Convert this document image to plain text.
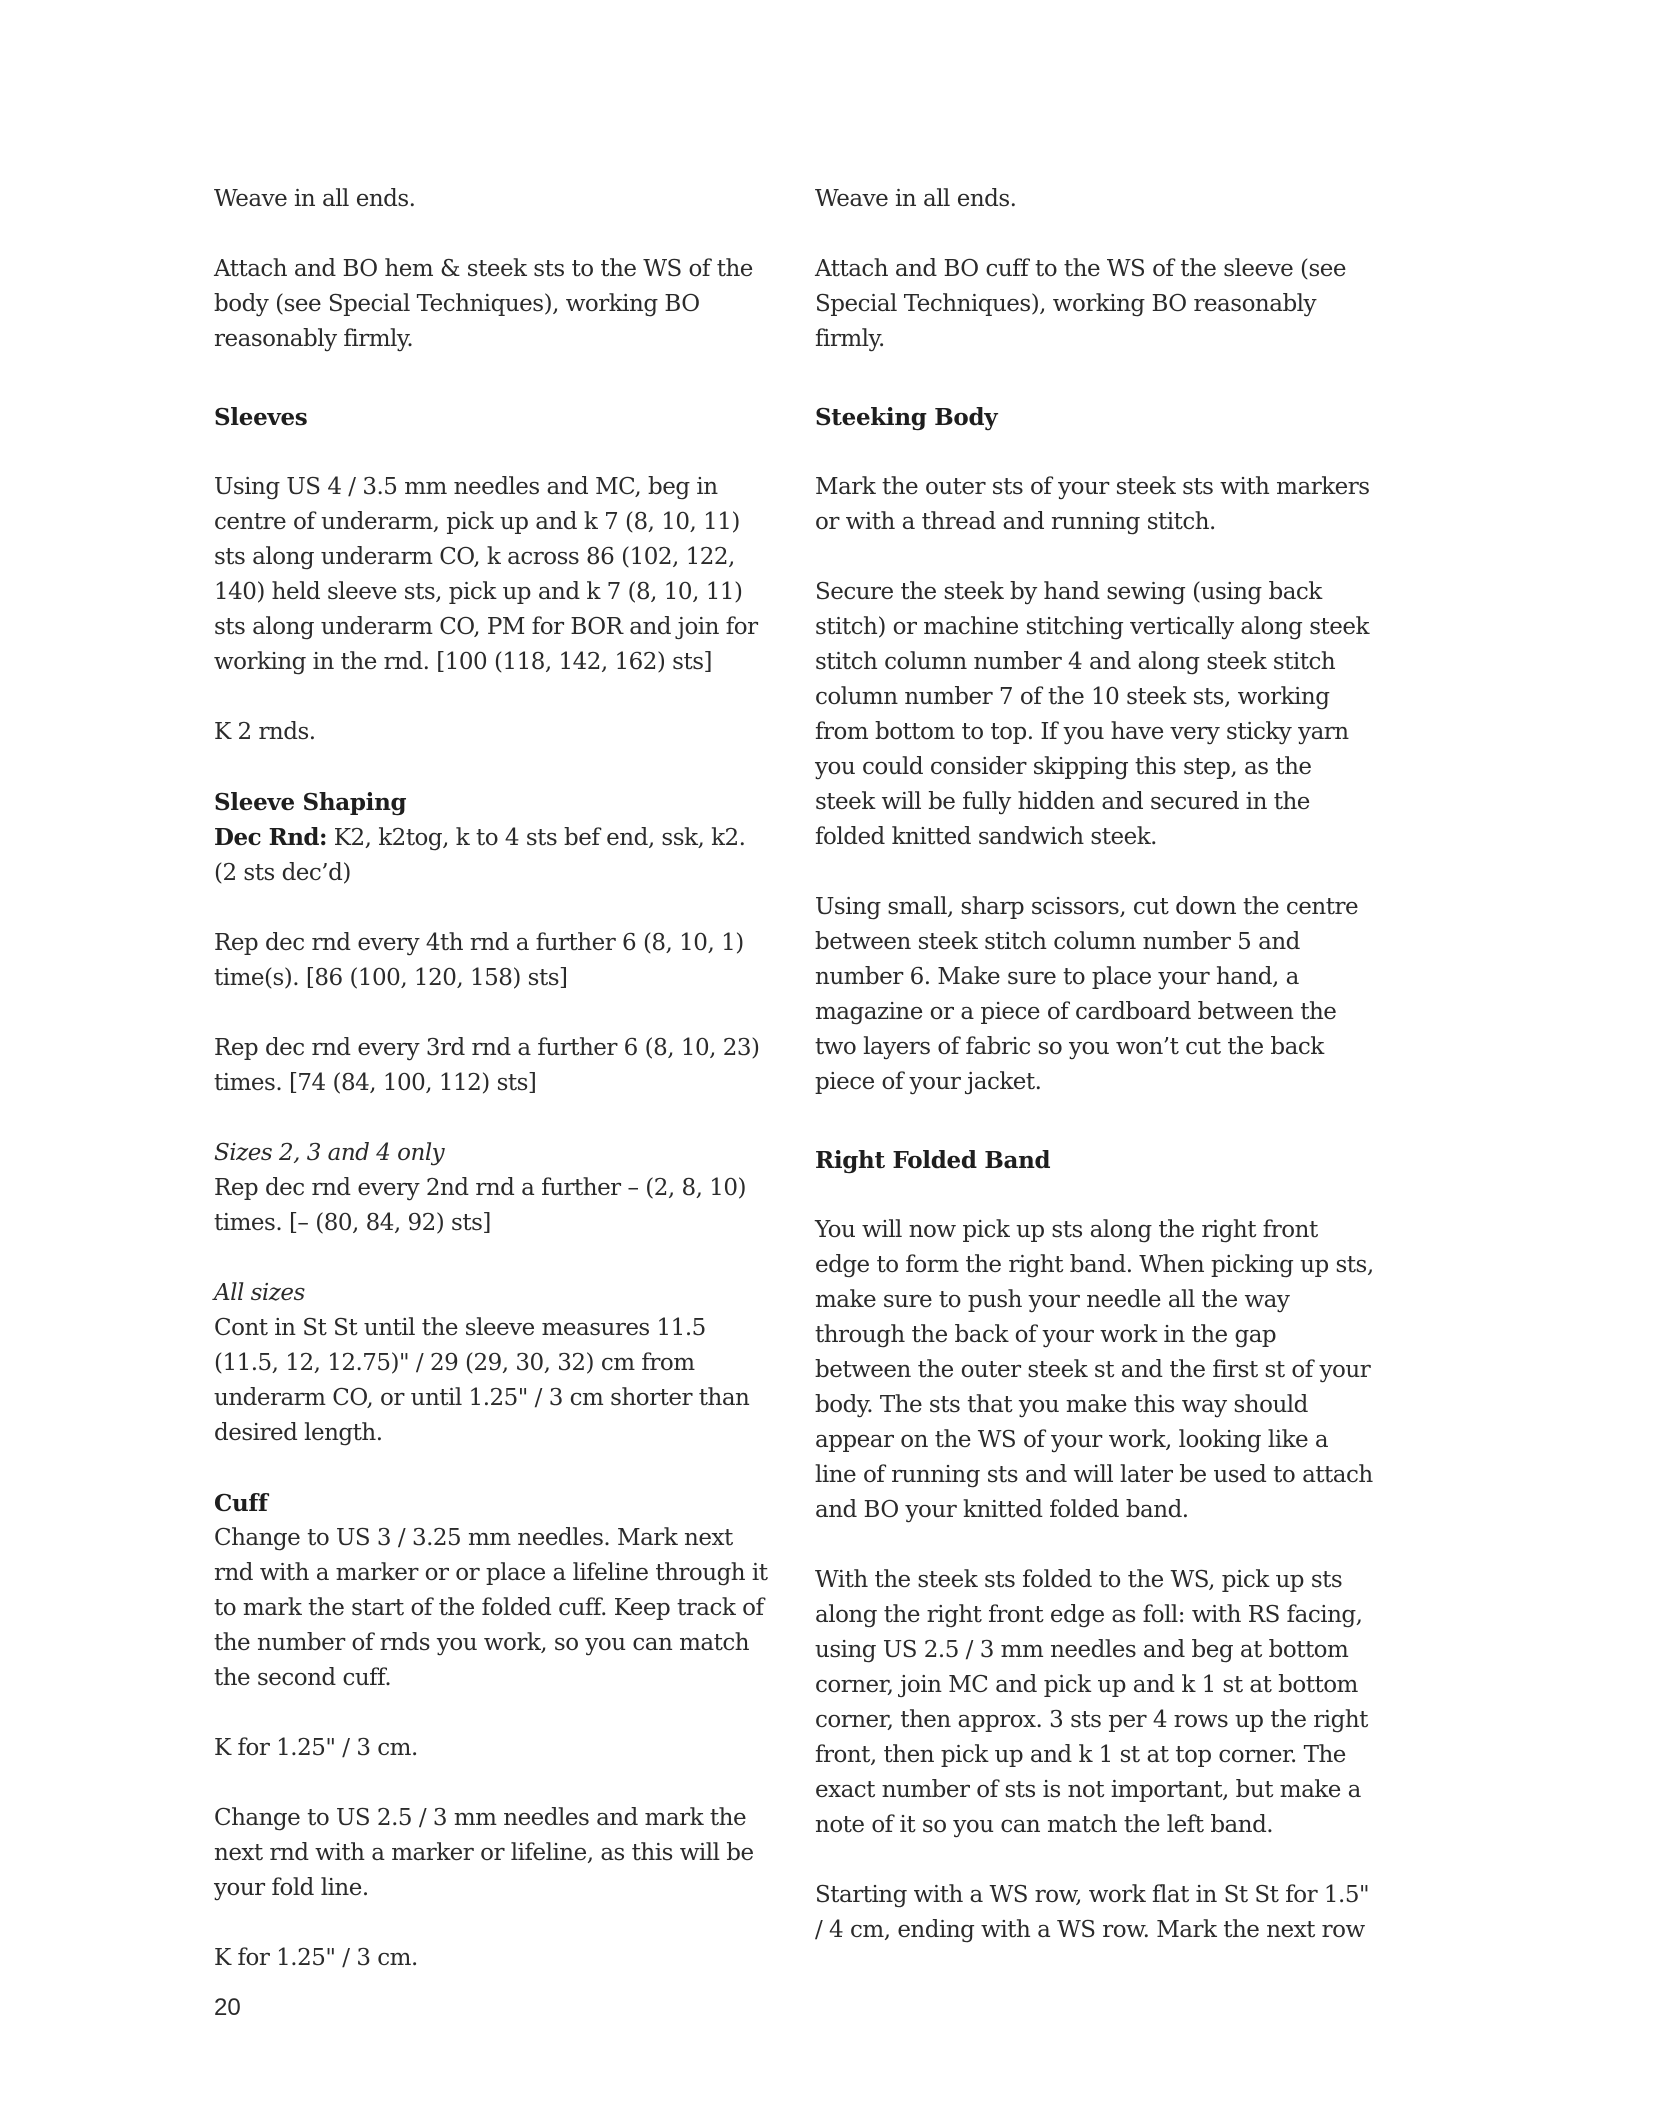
Weave in all ends.

Attach and BO hem & steek sts to the WS of the body (see Special Techniques), working BO reasonably firmly.

Sleeves

Using US 4 / 3.5 mm needles and MC, beg in centre of underarm, pick up and k 7 (8, 10, 11) sts along underarm CO, k across 86 (102, 122, 140) held sleeve sts, pick up and k 7 (8, 10, 11) sts along underarm CO, PM for BOR and join for working in the rnd. [100 (118, 142, 162) sts]

K 2 rnds.

Sleeve Shaping

Dec Rnd: K2, k2tog, k to 4 sts bef end, ssk, k2. (2 sts dec’d)

Rep dec rnd every 4th rnd a further 6 (8, 10, 1) time(s). [86 (100, 120, 158) sts]

Rep dec rnd every 3rd rnd a further 6 (8, 10, 23) times. [74 (84, 100, 112) sts]

Sizes 2, 3 and 4 only

Rep dec rnd every 2nd rnd a further – (2, 8, 10) times. [– (80, 84, 92) sts]

All sizes

Cont in St St until the sleeve measures 11.5 (11.5, 12, 12.75)" / 29 (29, 30, 32) cm from underarm CO, or until 1.25" / 3 cm shorter than desired length.

Cuff

Change to US 3 / 3.25 mm needles. Mark next rnd with a marker or or place a lifeline through it to mark the start of the folded cuff. Keep track of the number of rnds you work, so you can match the second cuff.

K for 1.25" / 3 cm.

Change to US 2.5 / 3 mm needles and mark the next rnd with a marker or lifeline, as this will be your fold line.

K for 1.25" / 3 cm.

Weave in all ends.

Attach and BO cuff to the WS of the sleeve (see Special Techniques), working BO reasonably firmly.

Steeking Body

Mark the outer sts of your steek sts with markers or with a thread and running stitch.

Secure the steek by hand sewing (using back stitch) or machine stitching vertically along steek stitch column number 4 and along steek stitch column number 7 of the 10 steek sts, working from bottom to top. If you have very sticky yarn you could consider skipping this step, as the steek will be fully hidden and secured in the folded knitted sandwich steek.

Using small, sharp scissors, cut down the centre between steek stitch column number 5 and number 6. Make sure to place your hand, a magazine or a piece of cardboard between the two layers of fabric so you won’t cut the back piece of your jacket.

Right Folded Band

You will now pick up sts along the right front edge to form the right band. When picking up sts, make sure to push your needle all the way through the back of your work in the gap between the outer steek st and the first st of your body. The sts that you make this way should appear on the WS of your work, looking like a line of running sts and will later be used to attach and BO your knitted folded band.

With the steek sts folded to the WS, pick up sts along the right front edge as foll: with RS facing, using US 2.5 / 3 mm needles and beg at bottom corner, join MC and pick up and k 1 st at bottom corner, then approx. 3 sts per 4 rows up the right front, then pick up and k 1 st at top corner. The exact number of sts is not important, but make a note of it so you can match the left band.

Starting with a WS row, work flat in St St for 1.5" / 4 cm, ending with a WS row. Mark the next row

20
